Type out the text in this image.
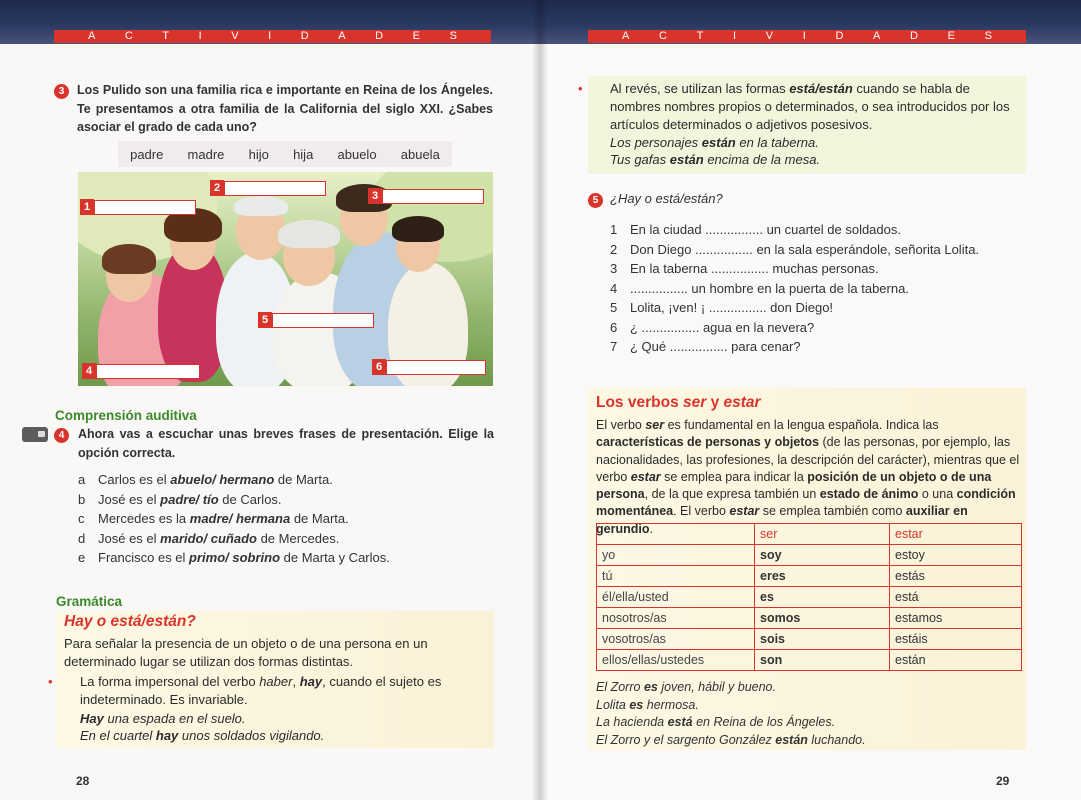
A	C	T	I	V	I	D	A	D	E	S
3	Los Pulido son una familia rica e importante en Reina de los Ángeles. Te presentamos a otra familia de la California del siglo XXI. ¿Sabes asociar el grado de cada uno?

padre madre hijo hija abuelo abuela
1
2
3
4
5
6
Comprensión auditiva
4	Ahora vas a escuchar unas breves frases de presentación. Elige la opción correcta.

a Carlos es el abuelo/ hermano de Marta.
b José es el padre/ tío de Carlos.
c	Mercedes es la madre/ hermana de Marta.
d José es el marido/ cuñado de Mercedes.
e Francisco es el primo/ sobrino de Marta y Carlos.
Gramática
Hay o está/están?

Para señalar la presencia de un objeto o de una persona en un determinado lugar se utilizan dos formas distintas.

• La forma impersonal del verbo haber, hay, cuando el sujeto es indeterminado. Es invariable.

Hay una espada en el suelo.

En el cuartel hay unos soldados vigilando.

28
A	C	T	I	V	I	D	A	D	E	S

• Al revés, se utilizan las formas está/están cuando se habla de nombres nombres propios o determinados, o sea introducidos por los artículos determinados o adjetivos posesivos.

Los personajes están en la taberna.

Tus gafas están encima de la mesa.

5 ¿Hay o está/están?

1 En la ciudad ................ un cuartel de soldados.
2 Don Diego ................ en la sala esperándole, señorita Lolita.
3 En la taberna ................ muchas personas.
4 ................ un hombre en la puerta de la taberna.
5 Lolita, ¡ven! ¡ ................ don Diego!
6 ¿ ................ agua en la nevera?
7 ¿ Qué ................ para cenar?
Los verbos ser y estar

El verbo ser es fundamental en la lengua española. Indica las características de personas y objetos (de las personas, por ejemplo, las nacionalidades, las profesiones, la descripción del carácter), mientras que el verbo estar se emplea para indicar la posición de un objeto o de una persona, de la que expresa también un estado de ánimo o una condición momentánea. El verbo estar se emplea también como auxiliar en gerundio.

El Zorro es joven, hábil y bueno.
Lolita es hermosa.
La hacienda está en Reina de los Ángeles.
El Zorro y el sargento González están luchando.
	ser	estar
yo	soy	estoy
tú	eres	estás
él/ella/usted	es	está
nosotros/as	somos	estamos
vosotros/as	sois	estáis
ellos/ellas/ustedes	son	están
29
